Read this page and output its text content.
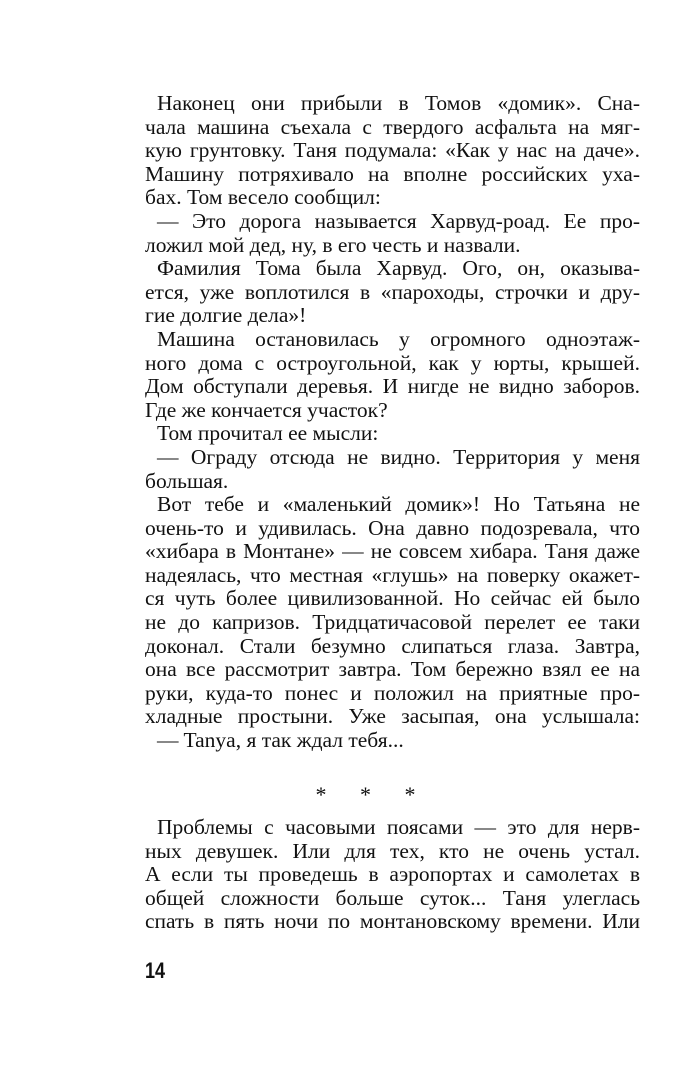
Наконец они прибыли в Томов «домик». Сна-
чала машина съехала с твердого асфальта на мяг-
кую грунтовку. Таня подумала: «Как у нас на даче».
Машину потряхивало на вполне российских уха-
бах. Том весело сообщил:
— Это дорога называется Харвуд-роад. Ее про-
ложил мой дед, ну, в его честь и назвали.
Фамилия Тома была Харвуд. Ого, он, оказыва-
ется, уже воплотился в «пароходы, строчки и дру-
гие долгие дела»!
Машина остановилась у огромного одноэтаж-
ного дома с остроугольной, как у юрты, крышей.
Дом обступали деревья. И нигде не видно заборов.
Где же кончается участок?
Том прочитал ее мысли:
— Ограду отсюда не видно. Территория у меня
большая.
Вот тебе и «маленький домик»! Но Татьяна не
очень-то и удивилась. Она давно подозревала, что
«хибара в Монтане» — не совсем хибара. Таня даже
надеялась, что местная «глушь» на поверку окажет-
ся чуть более цивилизованной. Но сейчас ей было
не до капризов. Тридцатичасовой перелет ее таки
доконал. Стали безумно слипаться глаза. Завтра,
она все рассмотрит завтра. Том бережно взял ее на
руки, куда-то понес и положил на приятные про-
хладные простыни. Уже засыпая, она услышала:
— Tanya, я так ждал тебя...
* * *
Проблемы с часовыми поясами — это для нерв-
ных девушек. Или для тех, кто не очень устал.
А если ты проведешь в аэропортах и самолетах в
общей сложности больше суток... Таня улеглась
спать в пять ночи по монтановскому времени. Или
14
